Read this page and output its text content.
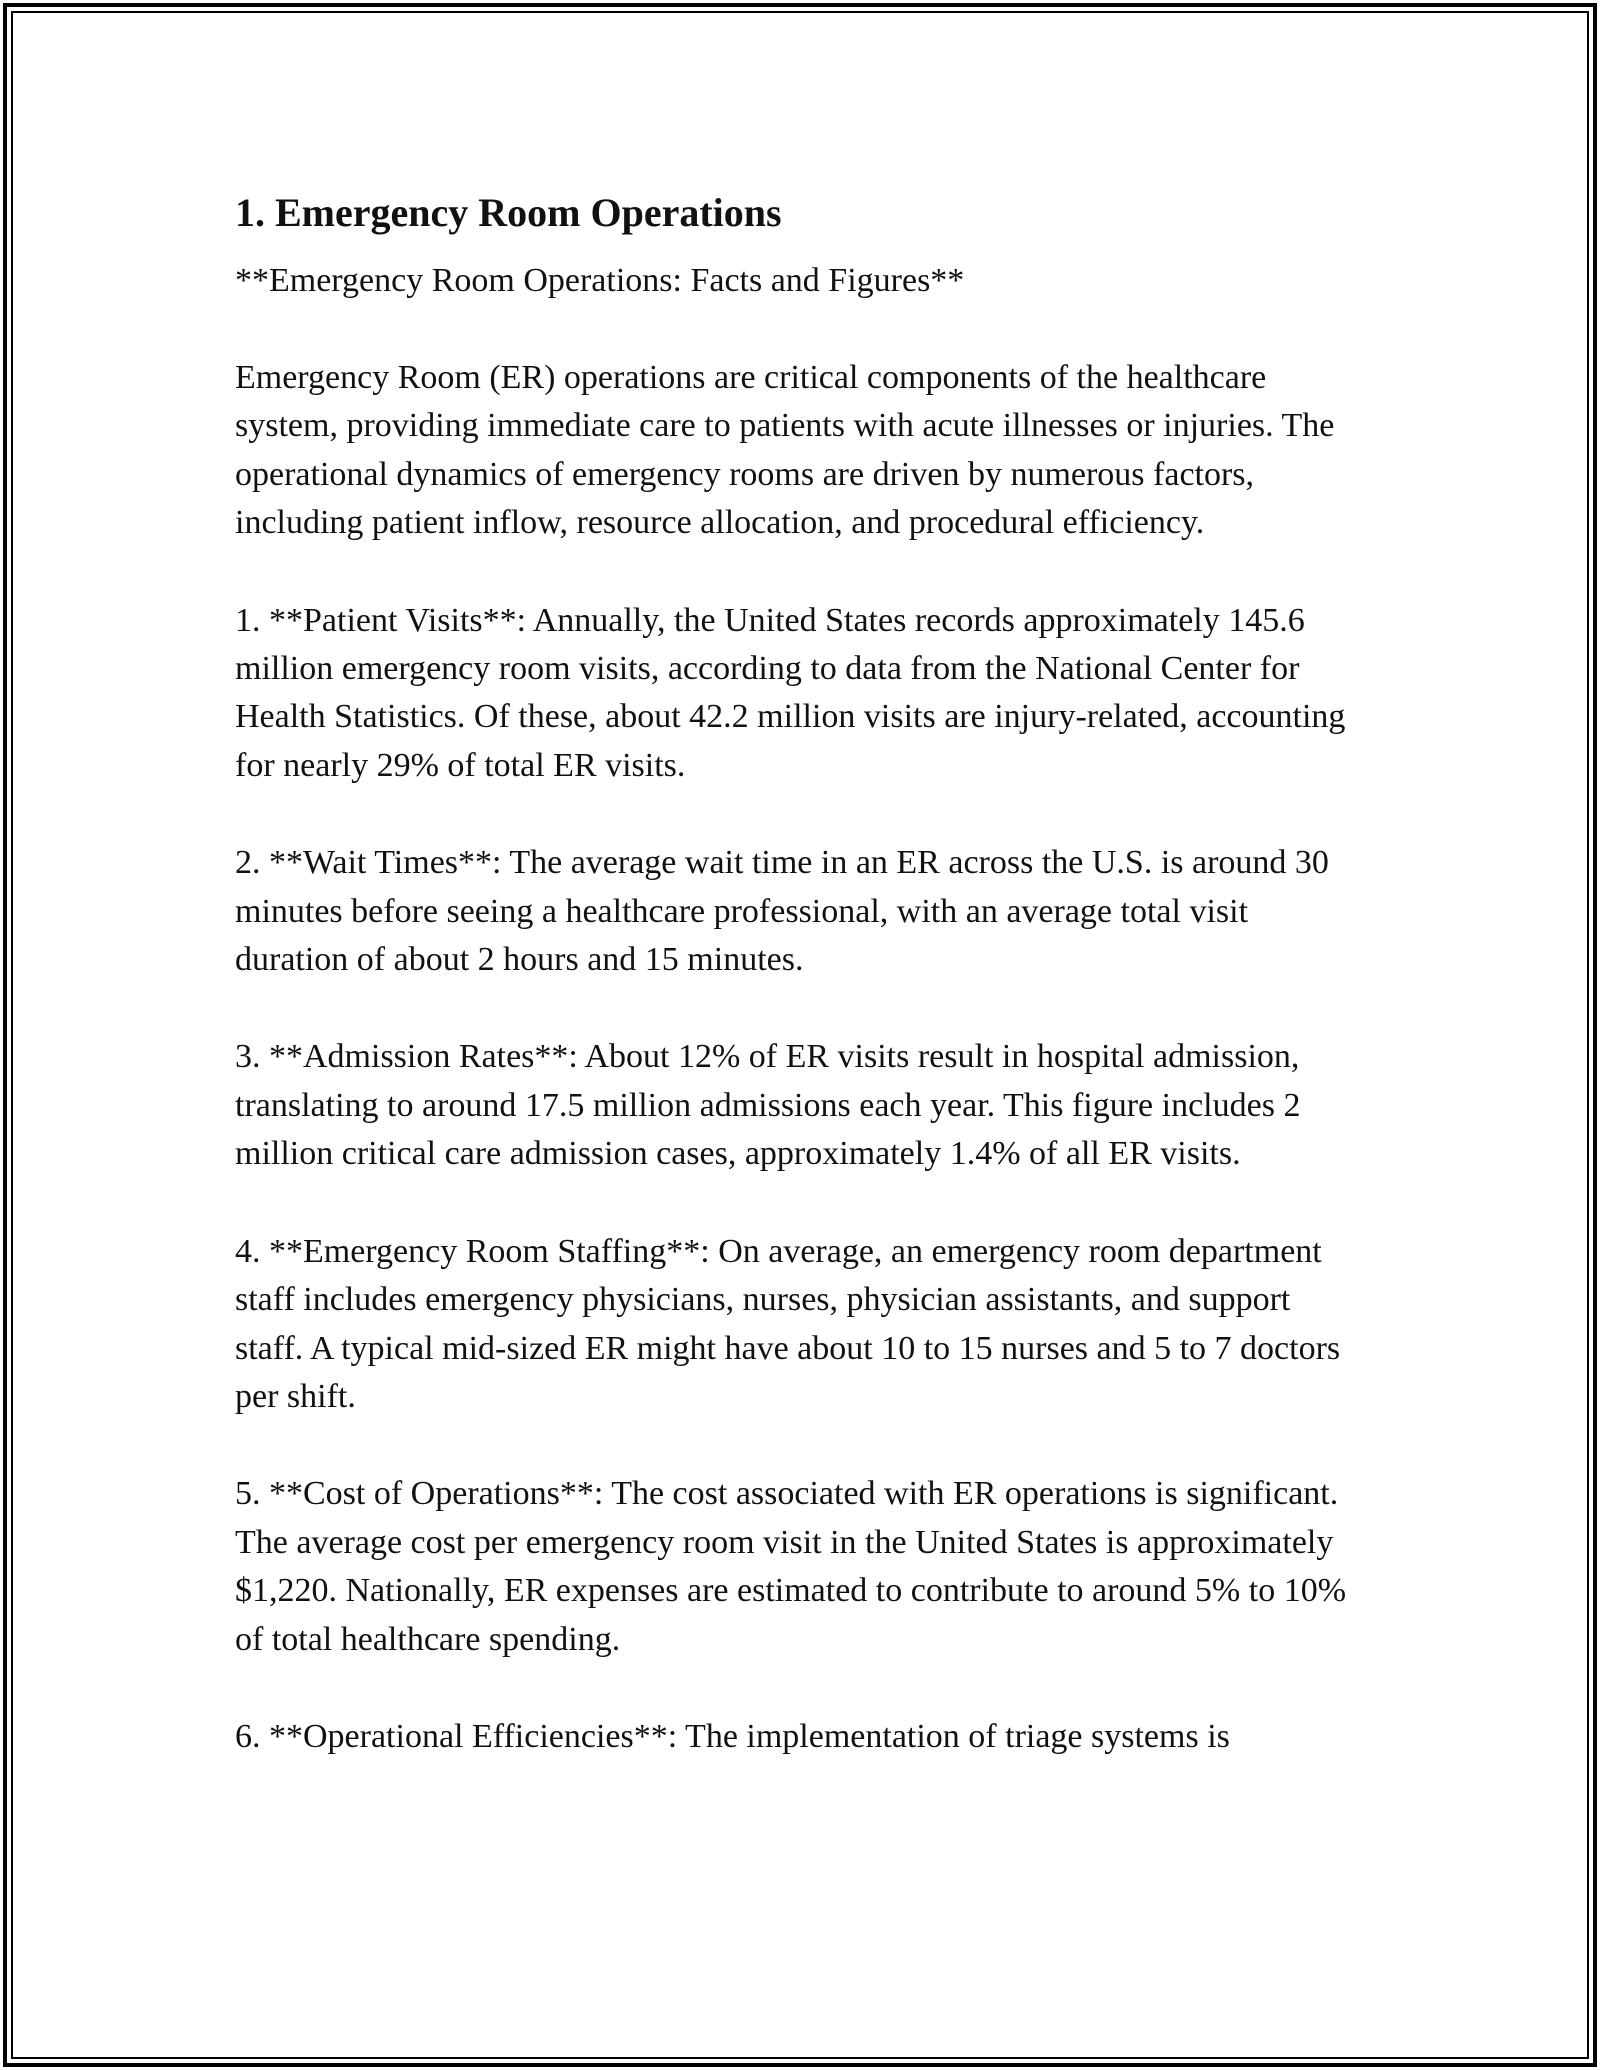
1. Emergency Room Operations

**Emergency Room Operations: Facts and Figures**

Emergency Room (ER) operations are critical components of the healthcare system, providing immediate care to patients with acute illnesses or injuries. The operational dynamics of emergency rooms are driven by numerous factors, including patient inflow, resource allocation, and procedural efficiency.

1. **Patient Visits**: Annually, the United States records approximately 145.6 million emergency room visits, according to data from the National Center for Health Statistics. Of these, about 42.2 million visits are injury-related, accounting for nearly 29% of total ER visits.

2. **Wait Times**: The average wait time in an ER across the U.S. is around 30 minutes before seeing a healthcare professional, with an average total visit duration of about 2 hours and 15 minutes.

3. **Admission Rates**: About 12% of ER visits result in hospital admission, translating to around 17.5 million admissions each year. This figure includes 2 million critical care admission cases, approximately 1.4% of all ER visits.

4. **Emergency Room Staffing**: On average, an emergency room department staff includes emergency physicians, nurses, physician assistants, and support staff. A typical mid-sized ER might have about 10 to 15 nurses and 5 to 7 doctors per shift.

5. **Cost of Operations**: The cost associated with ER operations is significant. The average cost per emergency room visit in the United States is approximately $1,220. Nationally, ER expenses are estimated to contribute to around 5% to 10% of total healthcare spending.

6. **Operational Efficiencies**: The implementation of triage systems is
